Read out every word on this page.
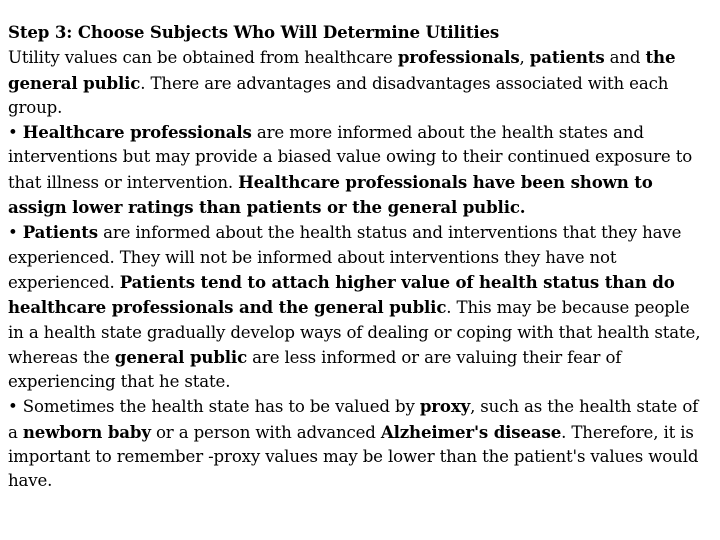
Step 3: Choose Subjects Who Will Determine Utilities

Utility values can be obtained from healthcare professionals, patients and the general public. There are advantages and disadvantages associated with each group.

• Healthcare professionals are more informed about the health states and interventions but may provide a biased value owing to their continued exposure to that illness or intervention. Healthcare professionals have been shown to assign lower ratings than patients or the general public.

• Patients are informed about the health status and interventions that they have experienced. They will not be informed about interventions they have not experienced. Patients tend to attach higher value of health status than do healthcare professionals and the general public. This may be because people in a health state gradually develop ways of dealing or coping with that health state, whereas the general public are less informed or are valuing their fear of experiencing that he state.

• Sometimes the health state has to be valued by proxy, such as the health state of a newborn baby or a person with advanced Alzheimer's disease. Therefore, it is important to remember -proxy values may be lower than the patient's values would have.
